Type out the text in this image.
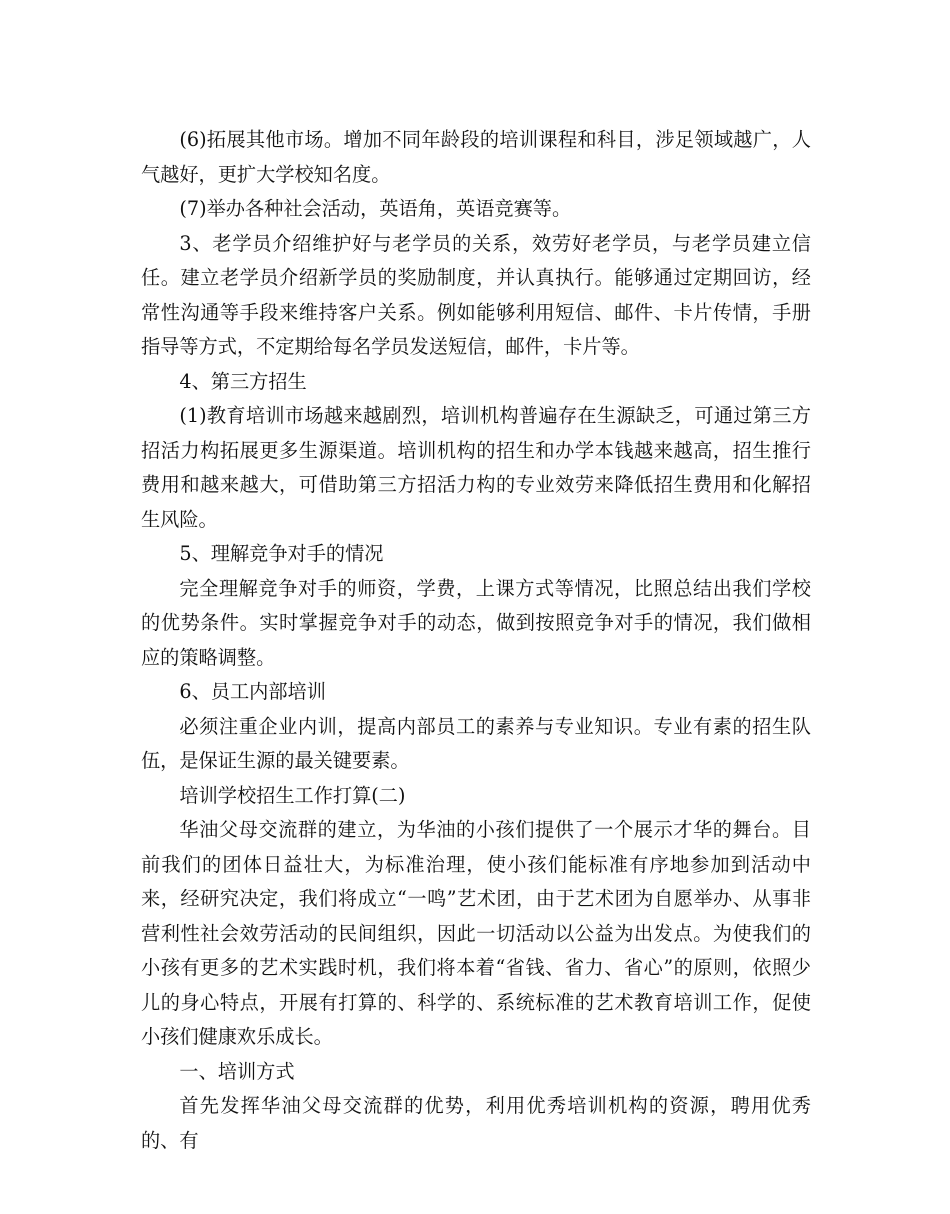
(6)拓展其他市场。增加不同年龄段的培训课程和科目，涉足领域越广，人气越好，更扩大学校知名度。

(7)举办各种社会活动，英语角，英语竞赛等。

3、老学员介绍维护好与老学员的关系，效劳好老学员，与老学员建立信任。建立老学员介绍新学员的奖励制度，并认真执行。能够通过定期回访，经常性沟通等手段来维持客户关系。例如能够利用短信、邮件、卡片传情，手册指导等方式，不定期给每名学员发送短信，邮件，卡片等。

4、第三方招生

(1)教育培训市场越来越剧烈，培训机构普遍存在生源缺乏，可通过第三方招活力构拓展更多生源渠道。培训机构的招生和办学本钱越来越高，招生推行费用和越来越大，可借助第三方招活力构的专业效劳来降低招生费用和化解招生风险。

5、理解竞争对手的情况

完全理解竞争对手的师资，学费，上课方式等情况，比照总结出我们学校的优势条件。实时掌握竞争对手的动态，做到按照竞争对手的情况，我们做相应的策略调整。

6、员工内部培训

必须注重企业内训，提高内部员工的素养与专业知识。专业有素的招生队伍，是保证生源的最关键要素。

培训学校招生工作打算(二)

华油父母交流群的建立，为华油的小孩们提供了一个展示才华的舞台。目前我们的团体日益壮大，为标准治理，使小孩们能标准有序地参加到活动中来，经研究决定，我们将成立“一鸣”艺术团，由于艺术团为自愿举办、从事非营利性社会效劳活动的民间组织，因此一切活动以公益为出发点。为使我们的小孩有更多的艺术实践时机，我们将本着“省钱、省力、省心”的原则，依照少儿的身心特点，开展有打算的、科学的、系统标准的艺术教育培训工作，促使小孩们健康欢乐成长。

一、培训方式

首先发挥华油父母交流群的优势，利用优秀培训机构的资源，聘用优秀的、有
